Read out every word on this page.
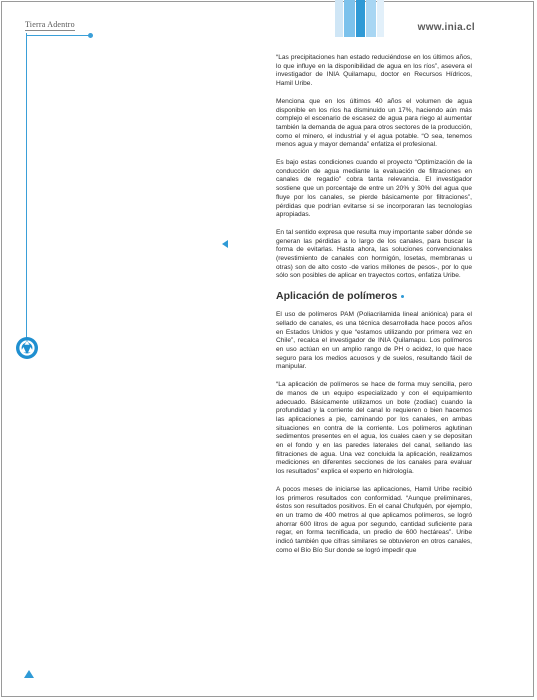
Tierra Adentro	www.inia.cl

“Las precipitaciones han estado reduciéndose en los últimos años, lo que influye en la disponibilidad de agua en los ríos”, asevera el investigador de INIA Quilamapu, doctor en Recursos Hídricos, Hamil Uribe.

Menciona que en los últimos 40 años el volumen de agua disponible en los ríos ha disminuido un 17%, haciendo aún más complejo el escenario de escasez de agua para riego al aumentar también la demanda de agua para otros sectores de la producción, como el minero, el industrial y el agua potable. “O sea, tenemos menos agua y mayor demanda” enfatiza el profesional.

Es bajo estas condiciones cuando el proyecto “Optimización de la conducción de agua mediante la evaluación de filtraciones en canales de regadío” cobra tanta relevancia. El investigador sostiene que un porcentaje de entre un 20% y 30% del agua que fluye por los canales, se pierde básicamente por filtraciones”, pérdidas que podrían evitarse si se incorporaran las tecnologías apropiadas.

En tal sentido expresa que resulta muy importante saber dónde se generan las pérdidas a lo largo de los canales, para buscar la forma de evitarlas. Hasta ahora, las soluciones convencionales (revestimiento de canales con hormigón, losetas, membranas u otras) son de alto costo -de varios millones de pesos-, por lo que sólo son posibles de aplicar en trayectos cortos, enfatiza Uribe.

Aplicación de polímeros

El uso de polímeros PAM (Poliacrilamida lineal aniónica) para el sellado de canales, es una técnica desarrollada hace pocos años en Estados Unidos y que “estamos utilizando por primera vez en Chile”, recalca el investigador de INIA Quilamapu. Los polímeros en uso actúan en un amplio rango de PH o acidez, lo que hace seguro para los medios acuosos y de suelos, resultando fácil de manipular.

“La aplicación de polímeros se hace de forma muy sencilla, pero de manos de un equipo especializado y con el equipamiento adecuado. Básicamente utilizamos un bote (zodiac) cuando la profundidad y la corriente del canal lo requieren o bien hacemos las aplicaciones a pie, caminando por los canales, en ambas situaciones en contra de la corriente. Los polímeros aglutinan sedimentos presentes en el agua, los cuales caen y se depositan en el fondo y en las paredes laterales del canal, sellando las filtraciones de agua. Una vez concluida la aplicación, realizamos mediciones en diferentes secciones de los canales para evaluar los resultados” explica el experto en hidrología.

A pocos meses de iniciarse las aplicaciones, Hamil Uribe recibió los primeros resultados con conformidad. “Aunque preliminares, éstos son resultados positivos. En el canal Chufquén, por ejemplo, en un tramo de 400 metros al que aplicamos polímeros, se logró ahorrar 600 litros de agua por segundo, cantidad suficiente para regar, en forma tecnificada, un predio de 600 hectáreas”. Uribe indicó también que cifras similares se obtuvieron en otros canales, como el Bío Bío Sur donde se logró impedir que
